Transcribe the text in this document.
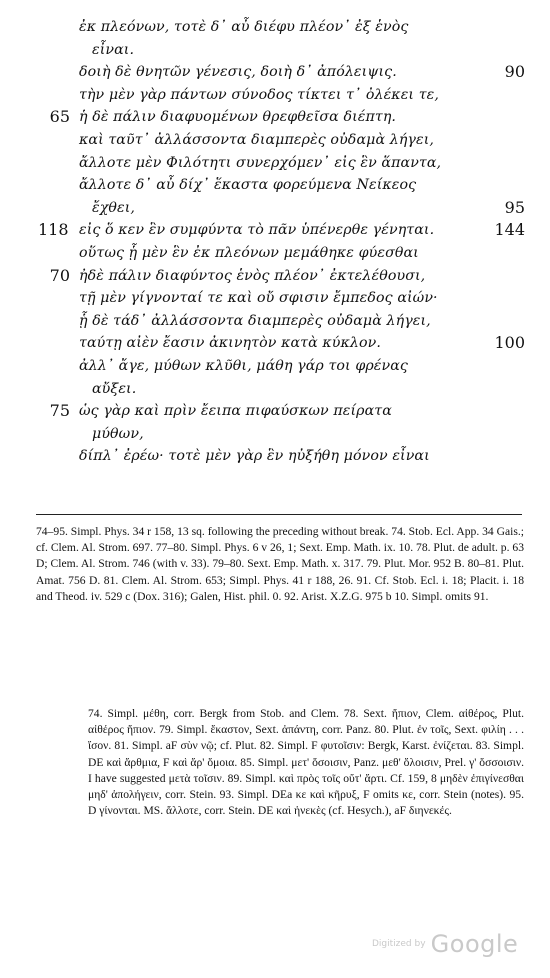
ἐκ πλεόνων, τοτὲ δ᾽ αὖ διέφυ πλέον᾽ ἐξ ἑνὸς
εἶναι.
δοιὴ δὲ θνητῶν γένεσις, δοιὴ δ᾽ ἀπόλειψις.	90
τὴν μὲν γὰρ πάντων σύνοδος τίκτει τ᾽ ὀλέκει τε,
ἡ δὲ πάλιν διαφυομένων θρεφθεῖσα διέπτη.
65
καὶ ταῦτ᾽ ἀλλάσσοντα διαμπερὲς οὐδαμὰ λήγει,
ἄλλοτε μὲν Φιλότητι συνερχόμεν᾽ εἰς ἓν ἅπαντα,
ἄλλοτε δ᾽ αὖ δίχ᾽ ἕκαστα φορεύμενα Νείκεος
ἔχθει,	95
εἰς ὅ κεν ἓν συμφύντα τὸ πᾶν ὑπένερθε γένηται.
118	144
οὕτως ᾗ μὲν ἓν ἐκ πλεόνων μεμάθηκε φύεσθαι
ἠδὲ πάλιν διαφύντος ἑνὸς πλέον᾽ ἐκτελέθουσι,
70
τῇ μὲν γίγνονταί τε καὶ οὔ σφισιν ἔμπεδος αἰών·
ᾗ δὲ τάδ᾽ ἀλλάσσοντα διαμπερὲς οὐδαμὰ λήγει,
ταύτῃ αἰὲν ἔασιν ἀκινητὸν κατὰ κύκλον.	100
ἀλλ᾽ ἄγε, μύθων κλῦθι, μάθη γάρ τοι φρένας
αὔξει.
ὡς γὰρ καὶ πρὶν ἔειπα πιφαύσκων πείρατα
75
μύθων,
δίπλ᾽ ἐρέω· τοτὲ μὲν γὰρ ἓν ηὐξήθη μόνον εἶναι

74–95. Simpl. Phys. 34 r 158, 13 sq. following the preceding without break. 74. Stob. Ecl. App. 34 Gais.; cf. Clem. Al. Strom. 697. 77–80. Simpl. Phys. 6 v 26, 1; Sext. Emp. Math. ix. 10. 78. Plut. de adult. p. 63 D; Clem. Al. Strom. 746 (with v. 33). 79–80. Sext. Emp. Math. x. 317. 79. Plut. Mor. 952 B. 80–81. Plut. Amat. 756 D. 81. Clem. Al. Strom. 653; Simpl. Phys. 41 r 188, 26. 91. Cf. Stob. Ecl. i. 18; Placit. i. 18 and Theod. iv. 529 c (Dox. 316); Galen, Hist. phil. 0. 92. Arist. X.Z.G. 975 b 10. Simpl. omits 91.

74. Simpl. μέθη, corr. Bergk from Stob. and Clem. 78. Sext. ἤπιον, Clem. αἰθέρος, Plut. αἰθέρος ἤπιον. 79. Simpl. ἕκαστον, Sext. ἀπάντη, corr. Panz. 80. Plut. ἐν τοῖς, Sext. φιλίη . . . ἴσον. 81. Simpl. aF σὺν νῷ; cf. Plut. 82. Simpl. F φυτοῖσιν: Bergk, Karst. ἐνίζεται. 83. Simpl. DE καὶ ἄρθμια, F καὶ ἄρ' ὅμοια. 85. Simpl. μετ' ὅσοισιν, Panz. μεθ' ὅλοισιν, Prel. γ' ὅσσοισιν. I have suggested μετὰ τοῖσιν. 89. Simpl. καὶ πρὸς τοῖς οὔτ' ἄρτι. Cf. 159, 8 μηδὲν ἐπιγίνεσθαι μηδ' ἀπολήγειν, corr. Stein. 93. Simpl. DEa κε καὶ κῆρυξ, F omits κε, corr. Stein (notes). 95. D γίνονται. MS. ἄλλοτε, corr. Stein. DE καὶ ἠνεκὲς (cf. Hesych.), aF διηνεκές.

Digitized by Google
